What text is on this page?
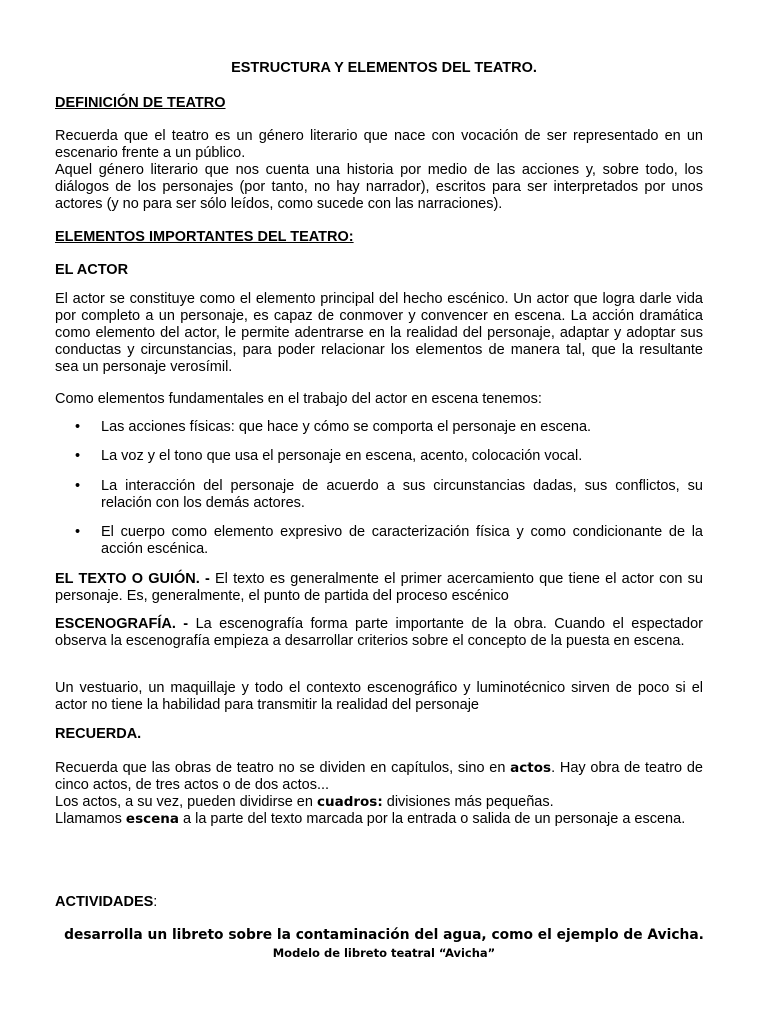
ESTRUCTURA Y ELEMENTOS DEL TEATRO.
DEFINICIÓN DE TEATRO
Recuerda que el teatro es un género literario que nace con vocación de ser representado en un escenario frente a un público.
Aquel género literario que nos cuenta una historia por medio de las acciones y, sobre todo, los diálogos de los personajes (por tanto, no hay narrador), escritos para ser interpretados por unos actores (y no para ser sólo leídos, como sucede con las narraciones).
ELEMENTOS IMPORTANTES DEL TEATRO:
EL ACTOR
El actor se constituye como el elemento principal del hecho escénico. Un actor que logra darle vida por completo a un personaje, es capaz de conmover y convencer en escena. La acción dramática como elemento del actor, le permite adentrarse en la realidad del personaje, adaptar y adoptar sus conductas y circunstancias, para poder relacionar los elementos de manera tal, que la resultante sea un personaje verosímil.
Como elementos fundamentales en el trabajo del actor en escena tenemos:
• Las acciones físicas: que hace y cómo se comporta el personaje en escena.
• La voz y el tono que usa el personaje en escena, acento, colocación vocal.
• La interacción del personaje de acuerdo a sus circunstancias dadas, sus conflictos, su relación con los demás actores.
• El cuerpo como elemento expresivo de caracterización física y como condicionante de la acción escénica.
EL TEXTO O GUIÓN. - El texto es generalmente el primer acercamiento que tiene el actor con su personaje. Es, generalmente, el punto de partida del proceso escénico
ESCENOGRAFÍA. - La escenografía forma parte importante de la obra. Cuando el espectador observa la escenografía empieza a desarrollar criterios sobre el concepto de la puesta en escena.
Un vestuario, un maquillaje y todo el contexto escenográfico y luminotécnico sirven de poco si el actor no tiene la habilidad para transmitir la realidad del personaje
RECUERDA.
Recuerda que las obras de teatro no se dividen en capítulos, sino en actos. Hay obra de teatro de cinco actos, de tres actos o de dos actos...
Los actos, a su vez, pueden dividirse en cuadros: divisiones más pequeñas.
Llamamos escena a la parte del texto marcada por la entrada o salida de un personaje a escena.
ACTIVIDADES:
desarrolla un libreto sobre la contaminación del agua, como el ejemplo de Avicha.
Modelo de libreto teatral “Avicha”
